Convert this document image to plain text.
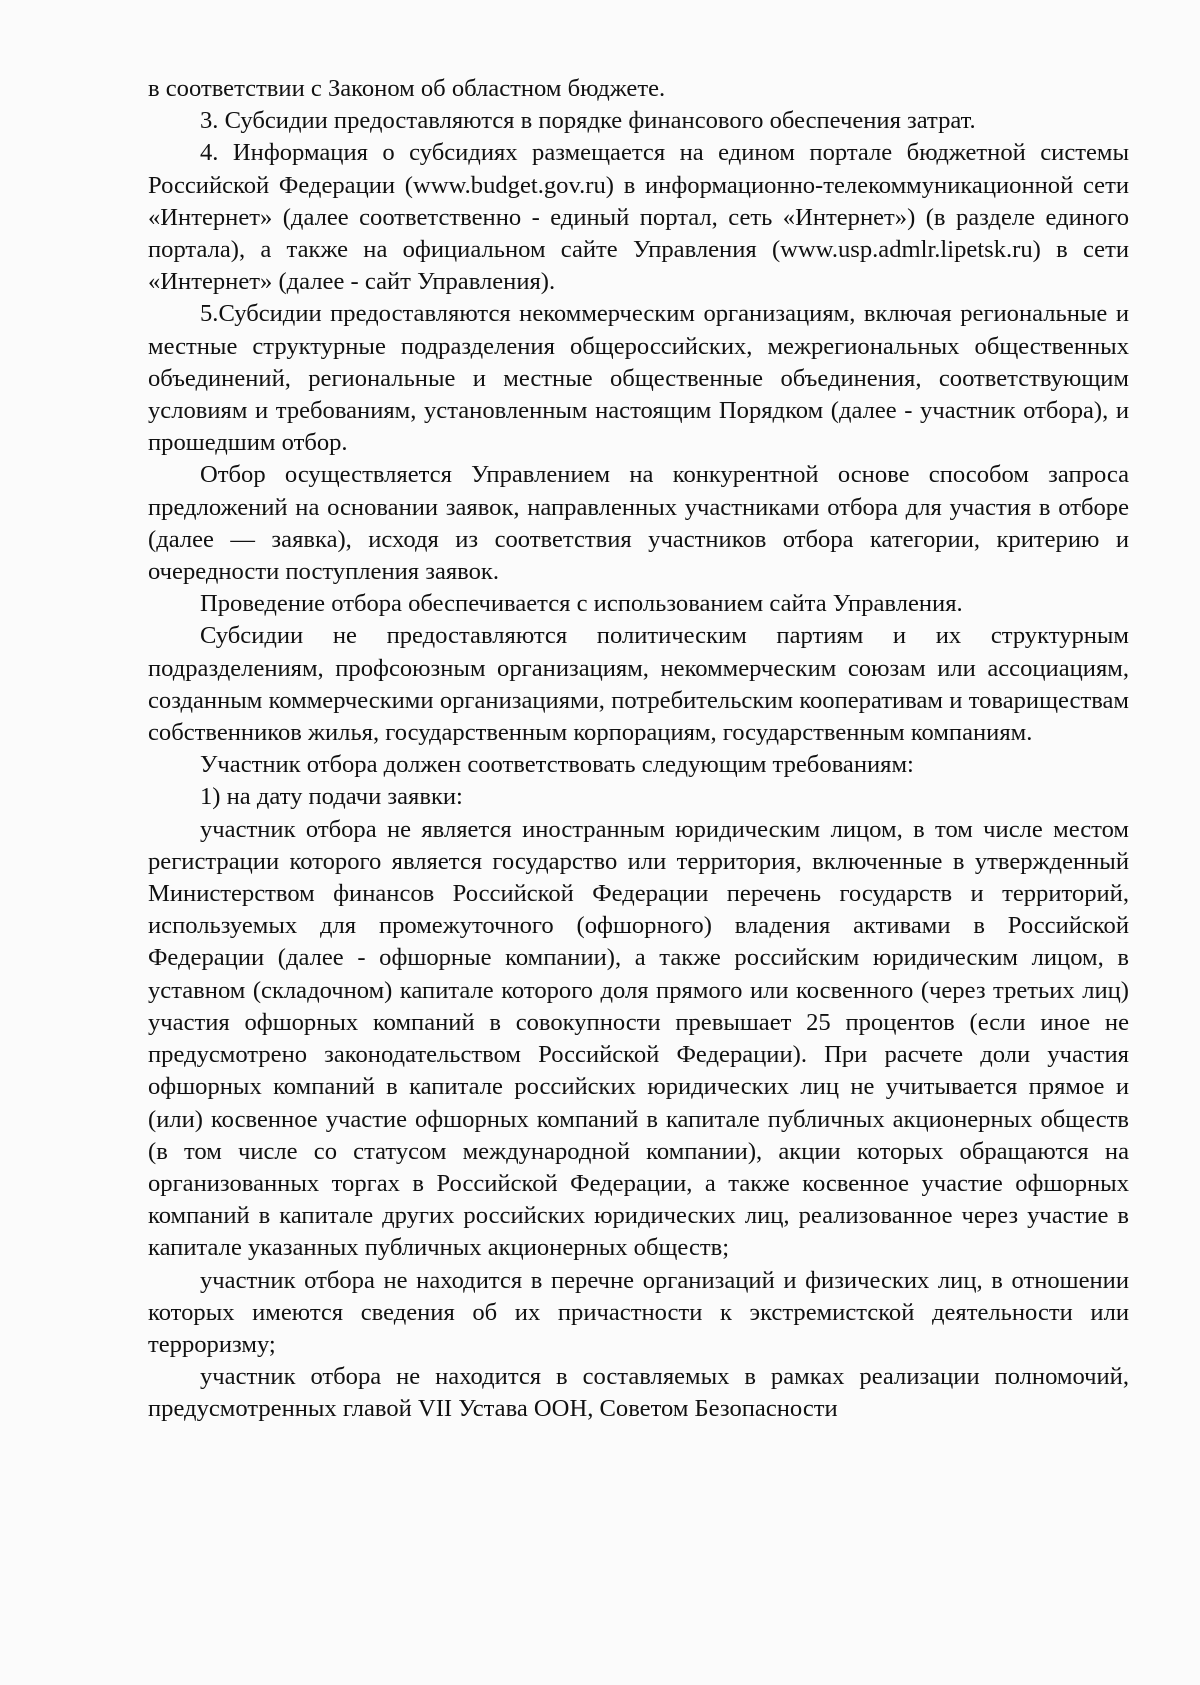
в соответствии с Законом об областном бюджете.

3. Субсидии предоставляются в порядке финансового обеспечения затрат.

4. Информация о субсидиях размещается на едином портале бюджетной системы Российской Федерации (www.budget.gov.ru) в информационно-телекоммуникационной сети «Интернет» (далее соответственно - единый портал, сеть «Интернет») (в разделе единого портала), а также на официальном сайте Управления (www.usp.admlr.lipetsk.ru) в сети «Интернет» (далее - сайт Управления).

5.Субсидии предоставляются некоммерческим организациям, включая региональные и местные структурные подразделения общероссийских, межрегиональных общественных объединений, региональные и местные общественные объединения, соответствующим условиям и требованиям, установленным настоящим Порядком (далее - участник отбора), и прошедшим отбор.

Отбор осуществляется Управлением на конкурентной основе способом запроса предложений на основании заявок, направленных участниками отбора для участия в отборе (далее — заявка), исходя из соответствия участников отбора категории, критерию и очередности поступления заявок.

Проведение отбора обеспечивается с использованием сайта Управления.

Субсидии не предоставляются политическим партиям и их структурным подразделениям, профсоюзным организациям, некоммерческим союзам или ассоциациям, созданным коммерческими организациями, потребительским кооперативам и товариществам собственников жилья, государственным корпорациям, государственным компаниям.

Участник отбора должен соответствовать следующим требованиям:

1) на дату подачи заявки:

участник отбора не является иностранным юридическим лицом, в том числе местом регистрации которого является государство или территория, включенные в утвержденный Министерством финансов Российской Федерации перечень государств и территорий, используемых для промежуточного (офшорного) владения активами в Российской Федерации (далее - офшорные компании), а также российским юридическим лицом, в уставном (складочном) капитале которого доля прямого или косвенного (через третьих лиц) участия офшорных компаний в совокупности превышает 25 процентов (если иное не предусмотрено законодательством Российской Федерации). При расчете доли участия офшорных компаний в капитале российских юридических лиц не учитывается прямое и (или) косвенное участие офшорных компаний в капитале публичных акционерных обществ (в том числе со статусом международной компании), акции которых обращаются на организованных торгах в Российской Федерации, а также косвенное участие офшорных компаний в капитале других российских юридических лиц, реализованное через участие в капитале указанных публичных акционерных обществ;

участник отбора не находится в перечне организаций и физических лиц, в отношении которых имеются сведения об их причастности к экстремистской деятельности или терроризму;

участник отбора не находится в составляемых в рамках реализации полномочий, предусмотренных главой VII Устава ООН, Советом Безопасности
